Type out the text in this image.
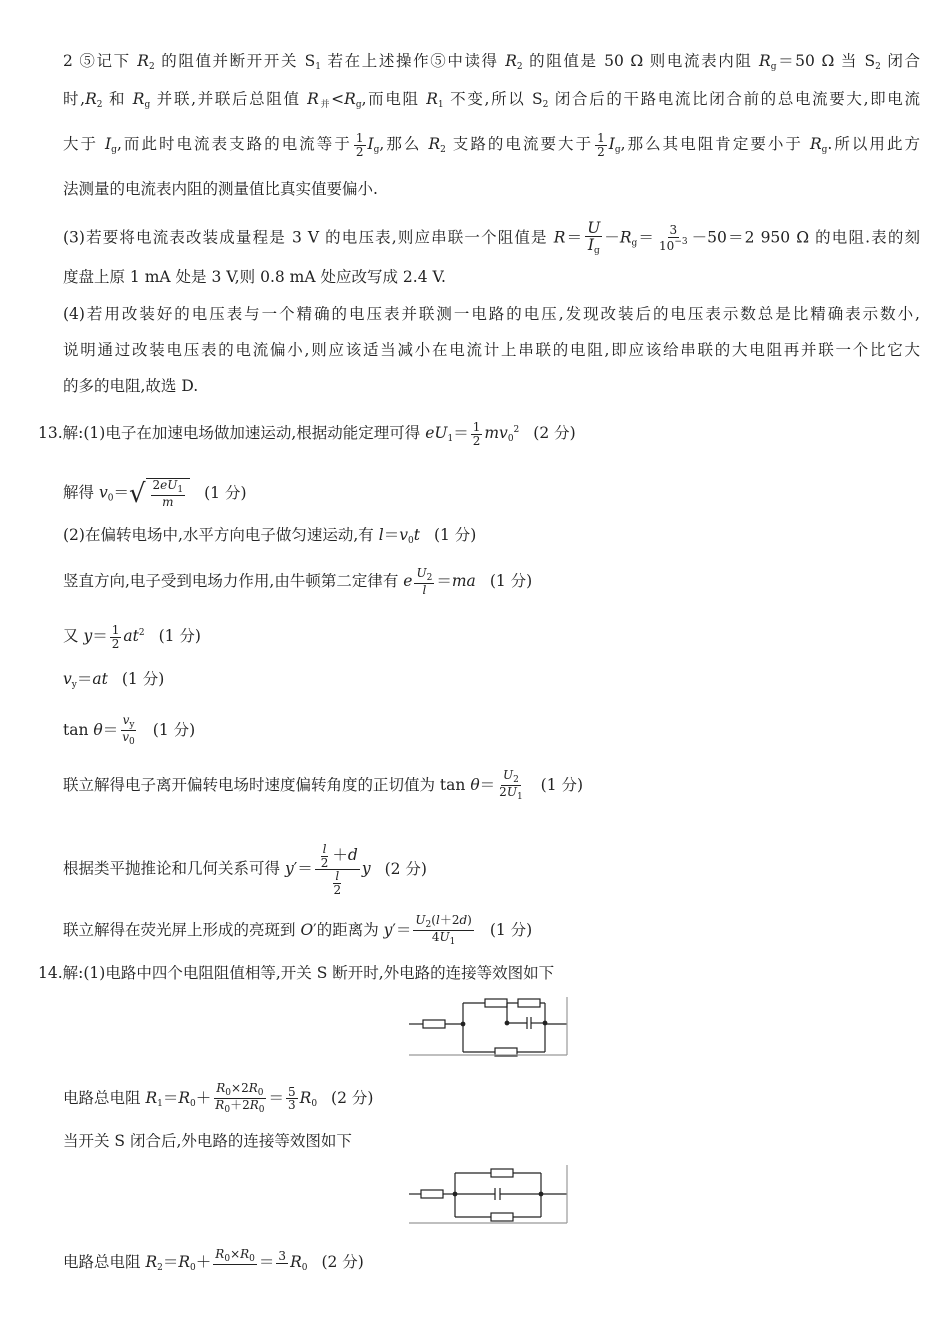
2 ⑤记下 $R_2$ 的阻值并断开开关 $S_1$ 若在上述操作⑤中读得 $R_2$ 的阻值是 50 Ω 则电流表内阻 $R_g=50$ Ω 当 $S_2$ 闭合
时$,R_2$ 和 $R_g$ 并联,并联后总阻值 $R_并<R_g$,而电阻 $R_1$ 不变,所以 $S_2$ 闭合后的干路电流比闭合前的总电流要大,即电流
大于 $I_g$,而此时电流表支路的电流等于 $\frac{1}{2} I_g$,那么 $R_2$ 支路的电流要大于 $\frac{1}{2} I_g$,那么其电阻肯定要小于 $R_g$.所以用此方
法测量的电流表内阻的测量值比真实值要偏小.
(3)若要将电流表改装成量程是 3 V 的电压表,则应串联一个阻值是 $R= \frac{U}{I_g} -R_g= \frac{3}{10^{-3}} -50=2$ 950 Ω 的电阻.表的刻
度盘上原 1 mA 处是 3 V,则 0.8 mA 处应改写成 2.4 V.
(4)若用改装好的电压表与一个精确的电压表并联测一电路的电压,发现改装后的电压表示数总是比精确表示数小,
说明通过改装电压表的电流偏小,则应该适当减小在电流计上串联的电阻,即应该给串联的大电阻再并联一个比它大
的多的电阻,故选 D.
13.解:(1)电子在加速电场做加速运动,根据动能定理可得 $eU_1= \frac{1}{2} mv_0^2$ (2 分)
解得 $v_0=$ √ $\frac{2eU_1}{m} (1$ 分)
(2)在偏转电场中,水平方向电子做匀速运动,有 $l=v_0t$ (1 分)
竖直方向,电子受到电场力作用,由牛顿第二定律有 e $\frac{U_2}{l} =ma$ (1 分)
又 $y= \frac{1}{2} at^2$ (1 分)
$v_y=at$ (1 分)
$\tan \theta= \frac{v_y}{v_0} (1$ 分)
联立解得电子离开偏转电场时速度偏转角度的正切值为 $\tan \theta= \frac{U_2}{2U_1} (1$ 分)
根据类平抛推论和几何关系可得 $y'= \frac{\frac{l}{2} +d}{\frac{l}{2}}$ y (2 分)
联立解得在荧光屏上形成的亮斑到 O′的距离为 $y'= \frac{U_2(l+2d)}{4U_1} (1$ 分)
14.解:(1)电路中四个电阻阻值相等,开关 S 断开时,外电路的连接等效图如下
电路总电阻 $R_1=R_0+ \frac{R_0\times 2R_0}{R_0+2R_0} = \frac{5}{3} R_0$ (2 分)
当开关 S 闭合后,外电路的连接等效图如下
电路总电阻 $R_2=R_0+ R_0\times R_0$
＝ 3
$R_0$ (2 分)
